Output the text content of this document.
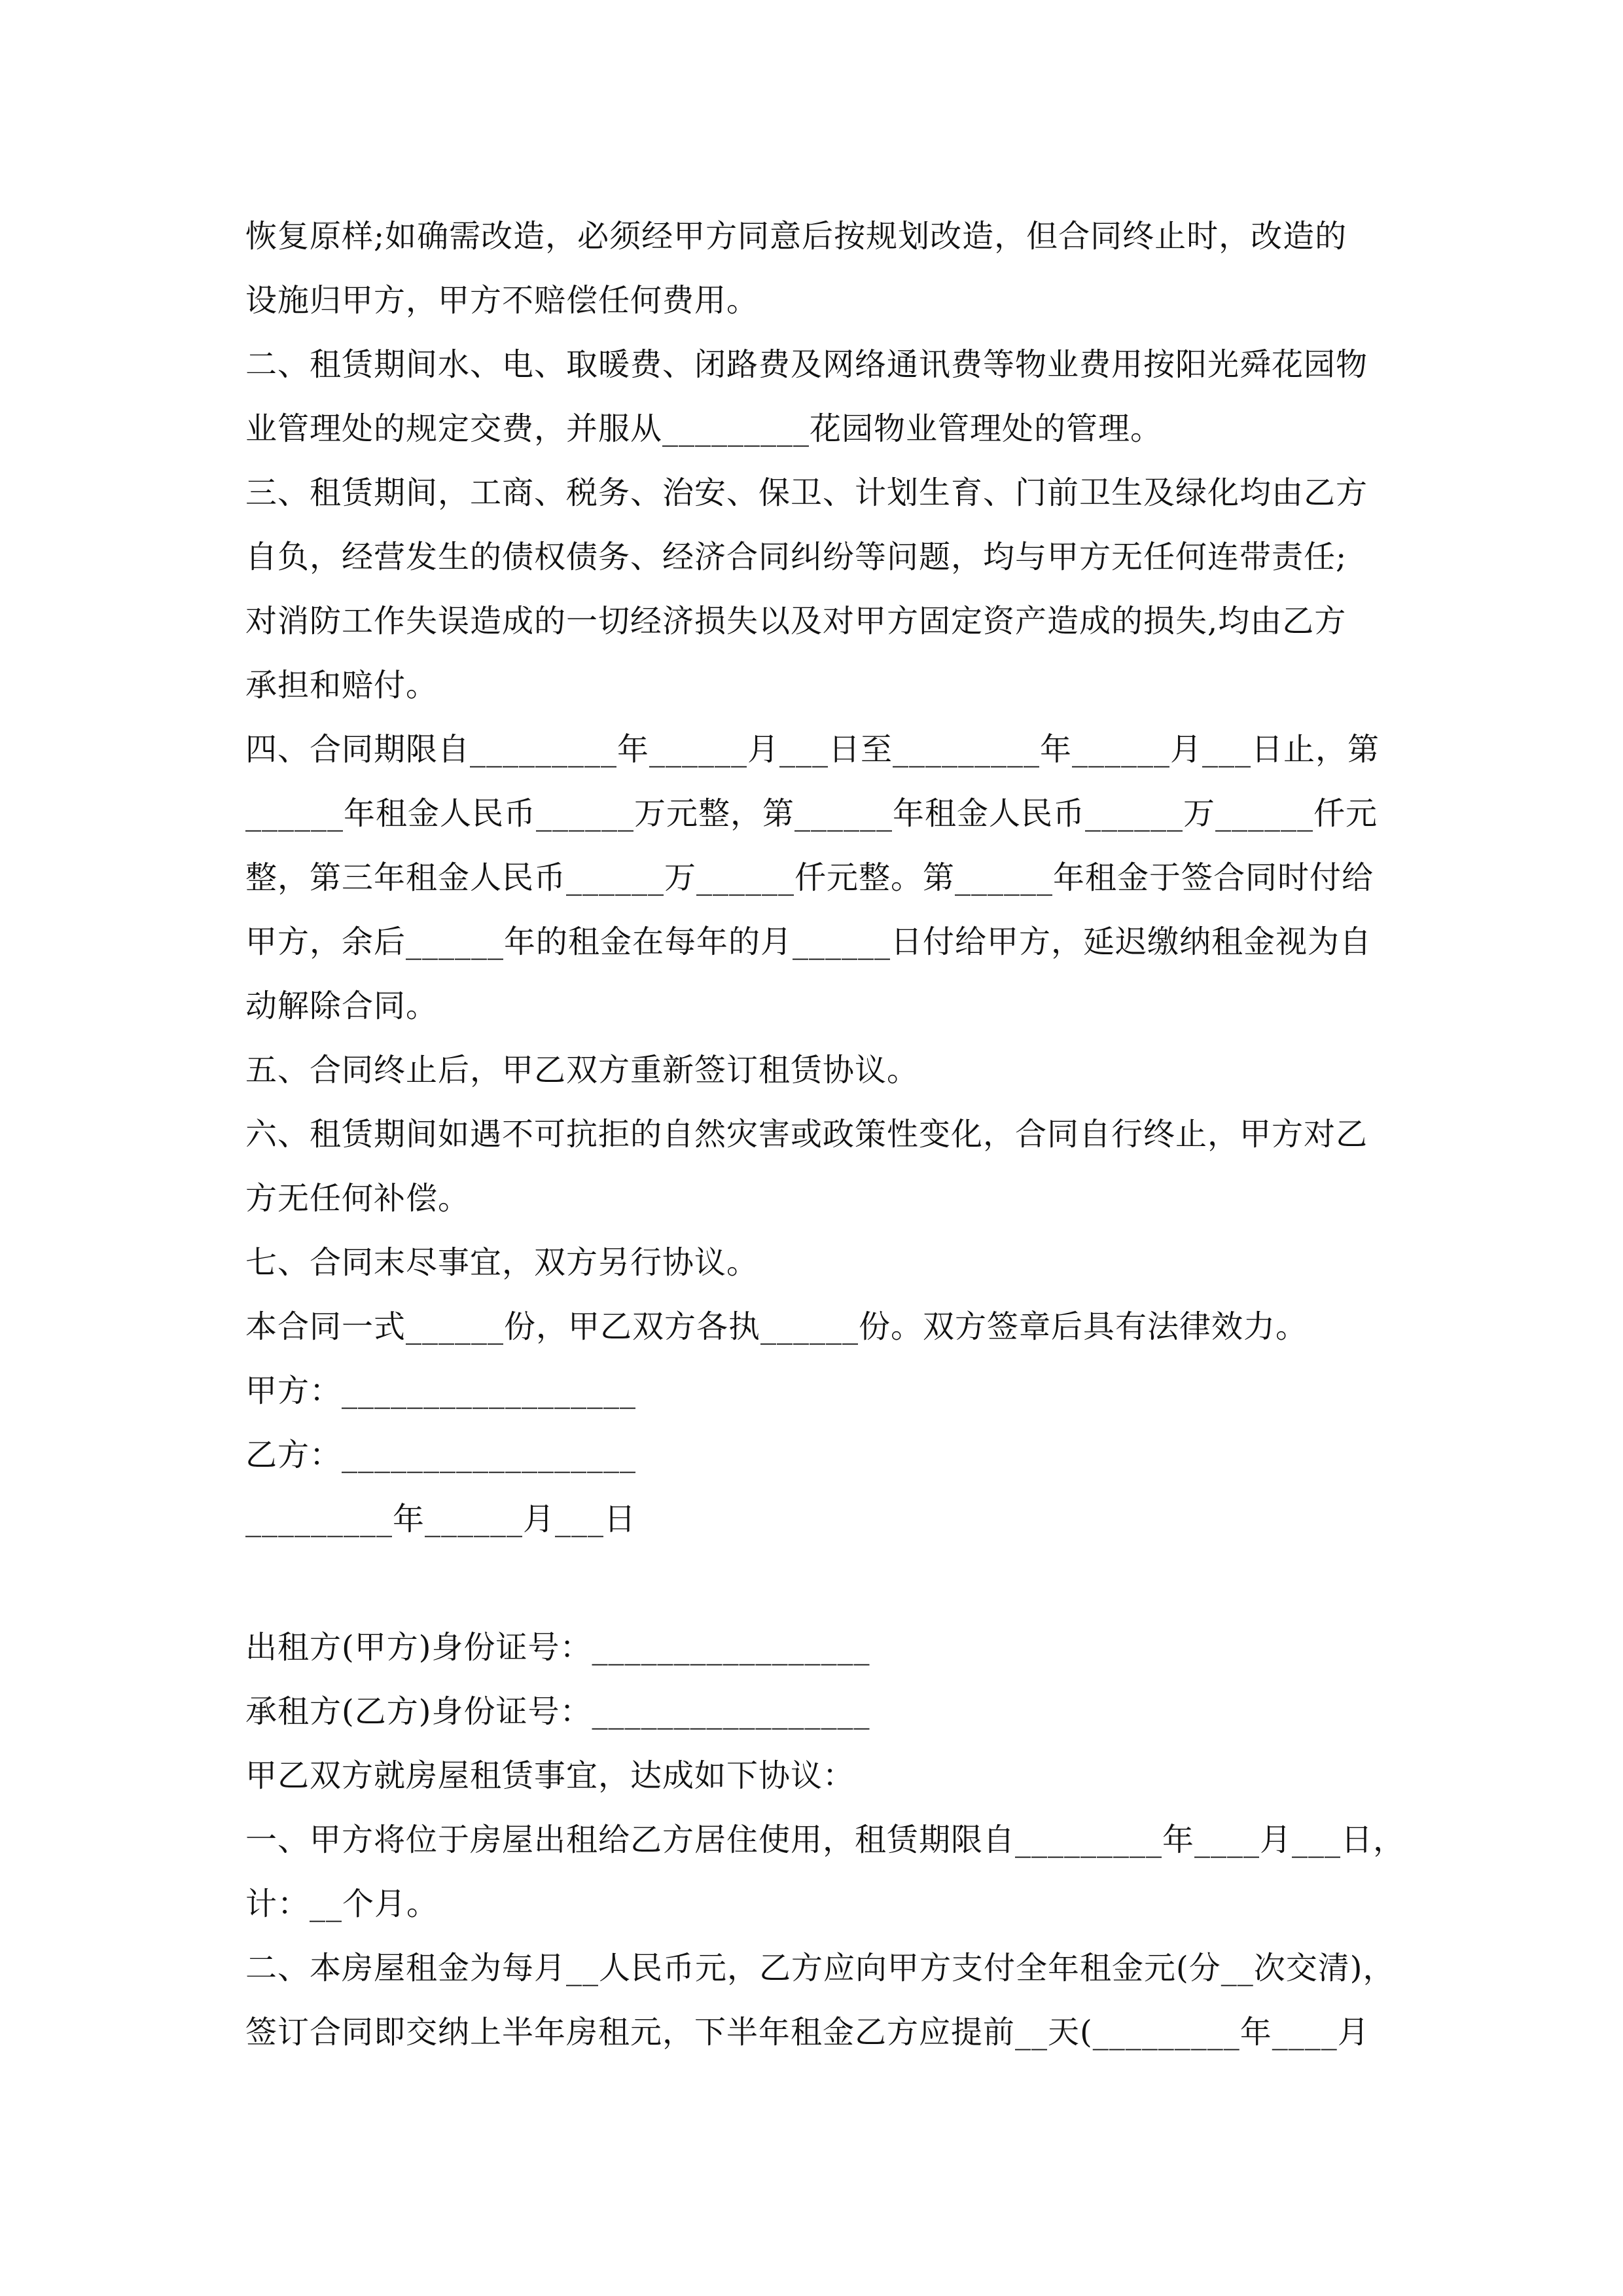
恢复原样;如确需改造，必须经甲方同意后按规划改造，但合同终止时，改造的
设施归甲方，甲方不赔偿任何费用。
二、租赁期间水、电、取暖费、闭路费及网络通讯费等物业费用按阳光舜花园物
业管理处的规定交费，并服从_________花园物业管理处的管理。
三、租赁期间，工商、税务、治安、保卫、计划生育、门前卫生及绿化均由乙方
自负，经营发生的债权债务、经济合同纠纷等问题，均与甲方无任何连带责任;
对消防工作失误造成的一切经济损失以及对甲方固定资产造成的损失,均由乙方
承担和赔付。
四、合同期限自_________年______月___日至_________年______月___日止，第
______年租金人民币______万元整，第______年租金人民币______万______仟元
整，第三年租金人民币______万______仟元整。第______年租金于签合同时付给
甲方，余后______年的租金在每年的月______日付给甲方，延迟缴纳租金视为自
动解除合同。
五、合同终止后，甲乙双方重新签订租赁协议。
六、租赁期间如遇不可抗拒的自然灾害或政策性变化，合同自行终止，甲方对乙
方无任何补偿。
七、合同末尽事宜，双方另行协议。
本合同一式______份，甲乙双方各执______份。双方签章后具有法律效力。
甲方：__________________
乙方：__________________
_________年______月___日
出租方(甲方)身份证号：_________________
承租方(乙方)身份证号：_________________
甲乙双方就房屋租赁事宜，达成如下协议：
一、甲方将位于房屋出租给乙方居住使用，租赁期限自_________年____月___日，
计：__个月。
二、本房屋租金为每月__人民币元，乙方应向甲方支付全年租金元(分__次交清)，
签订合同即交纳上半年房租元，下半年租金乙方应提前__天(_________年____月
